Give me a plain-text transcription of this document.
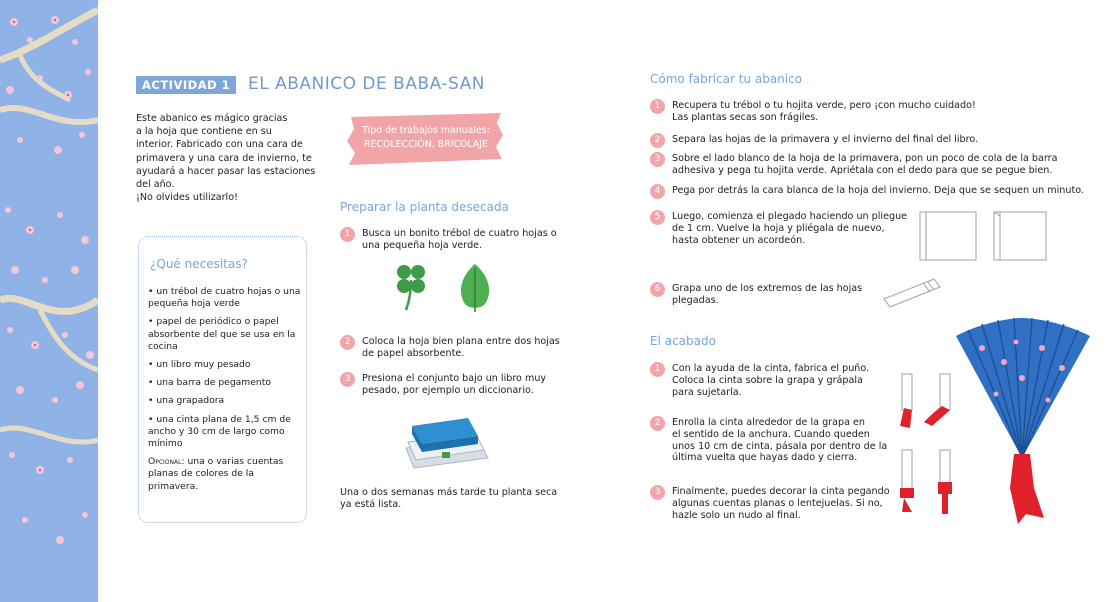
ACTIVIDAD 1	EL ABANICO DE BABA-SAN

Este abanico es mágico gracias
a la hoja que contiene en su
interior. Fabricado con una cara de
primavera y una cara de invierno, te
ayudará a hacer pasar las estaciones
del año.

¡No olvides utilizarlo!

¿Qué necesitas?
• un trébol de cuatro hojas o una pequeña hoja verde
• papel de periódico o papel absorbente del que se usa en la cocina
• un libro muy pesado
• una barra de pegamento
• una grapadora
• una cinta plana de 1,5 cm de ancho y 30 cm de largo como mínimo
Opcional: una o varias cuentas planas de colores de la primavera.
Tipo de trabajos manuales:
RECOLECCIÓN, BRICOLAJE
Preparar la planta desecada
1	Busca un bonito trébol de cuatro hojas o
una pequeña hoja verde.
2	Coloca la hoja bien plana entre dos hojas
de papel absorbente.
3	Presiona el conjunto bajo un libro muy
pesado, por ejemplo un diccionario.
Una o dos semanas más tarde tu planta seca
ya está lista.
Cómo fabricar tu abanico
1	Recupera tu trébol o tu hojita verde, pero ¡con mucho cuidado!
Las plantas secas son frágiles.
2	Separa las hojas de la primavera y el invierno del final del libro.
3	Sobre el lado blanco de la hoja de la primavera, pon un poco de cola de la barra
adhesiva y pega tu hojita verde. Apriétala con el dedo para que se pegue bien.
4	Pega por detrás la cara blanca de la hoja del invierno. Deja que se sequen un minuto.
5	Luego, comienza el plegado haciendo un pliegue
de 1 cm. Vuelve la hoja y pliégala de nuevo,
hasta obtener un acordeón.
6	Grapa uno de los extremos de las hojas
plegadas.
El acabado
1	Con la ayuda de la cinta, fabrica el puño.
Coloca la cinta sobre la grapa y grápala
para sujetarla.
2	Enrolla la cinta alrededor de la grapa en
el sentido de la anchura. Cuando queden
unos 10 cm de cinta, pásala por dentro de la
última vuelta que hayas dado y cierra.
3	Finalmente, puedes decorar la cinta pegando
algunas cuentas planas o lentejuelas. Si no,
hazle solo un nudo al final.
